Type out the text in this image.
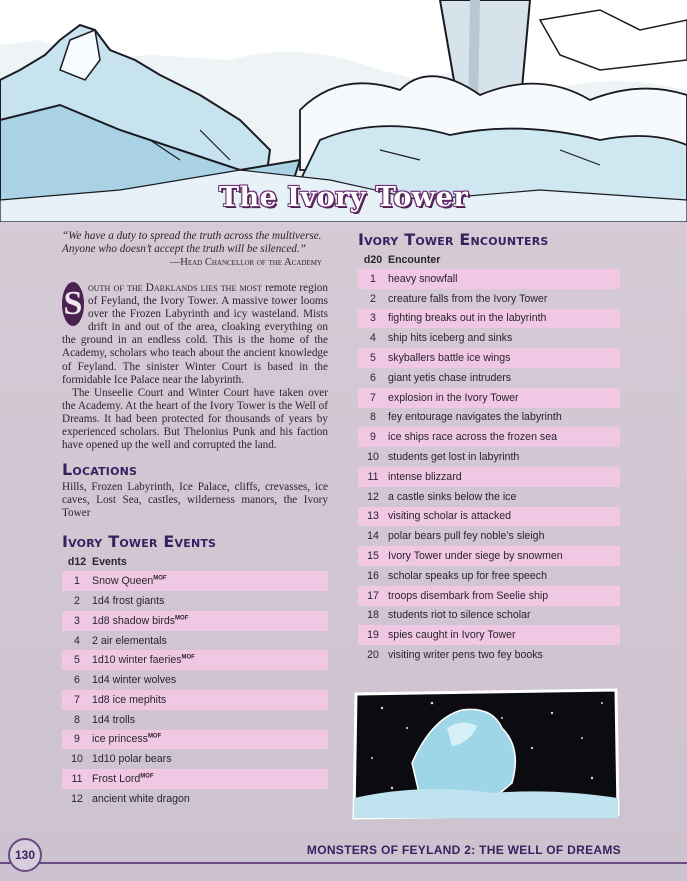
The Ivory Tower

“We have a duty to spread the truth across the multiverse. Anyone who doesn’t accept the truth will be silenced.”

—Head Chancellor of the Academy

S outh of the Darklands lies the most remote region of Feyland, the Ivory Tower. A massive tower looms over the Frozen Labyrinth and icy wasteland. Mists drift in and out of the area, cloaking everything on the ground in an endless cold. This is the home of the Academy, scholars who teach about the ancient knowledge of Feyland. The sinister Winter Court is based in the formidable Ice Palace near the labyrinth.

The Unseelie Court and Winter Court have taken over the Academy. At the heart of the Ivory Tower is the Well of Dreams. It had been protected for thousands of years by experienced scholars. But Thelonius Punk and his faction have opened up the well and corrupted the land.

Locations

Hills, Frozen Labyrinth, Ice Palace, cliffs, crevasses, ice caves, Lost Sea, castles, wilderness manors, the Ivory Tower

Ivory Tower Events
d12	Events
1	Snow Queen$^{MOF}$
2	1d4 frost giants
3	1d8 shadow birds$^{MOF}$
4	2 air elementals
5	1d10 winter faeries$^{MOF}$
6	1d4 winter wolves
7	1d8 ice mephits
8	1d4 trolls
9	ice princess$^{MOF}$
10	1d10 polar bears
11	Frost Lord$^{MOF}$
12	ancient white dragon
Ivory Tower Encounters
d20	Encounter
1	heavy snowfall
2	creature falls from the Ivory Tower
3	fighting breaks out in the labyrinth
4	ship hits iceberg and sinks
5	skyballers battle ice wings
6	giant yetis chase intruders
7	explosion in the Ivory Tower
8	fey entourage navigates the labyrinth
9	ice ships race across the frozen sea
10	students get lost in labyrinth
11	intense blizzard
12	a castle sinks below the ice
13	visiting scholar is attacked
14	polar bears pull fey noble’s sleigh
15	Ivory Tower under siege by snowmen
16	scholar speaks up for free speech
17	troops disembark from Seelie ship
18	students riot to silence scholar
19	spies caught in Ivory Tower
20	visiting writer pens two fey books
130	MONSTERS OF FEYLAND 2: THE WELL OF DREAMS
